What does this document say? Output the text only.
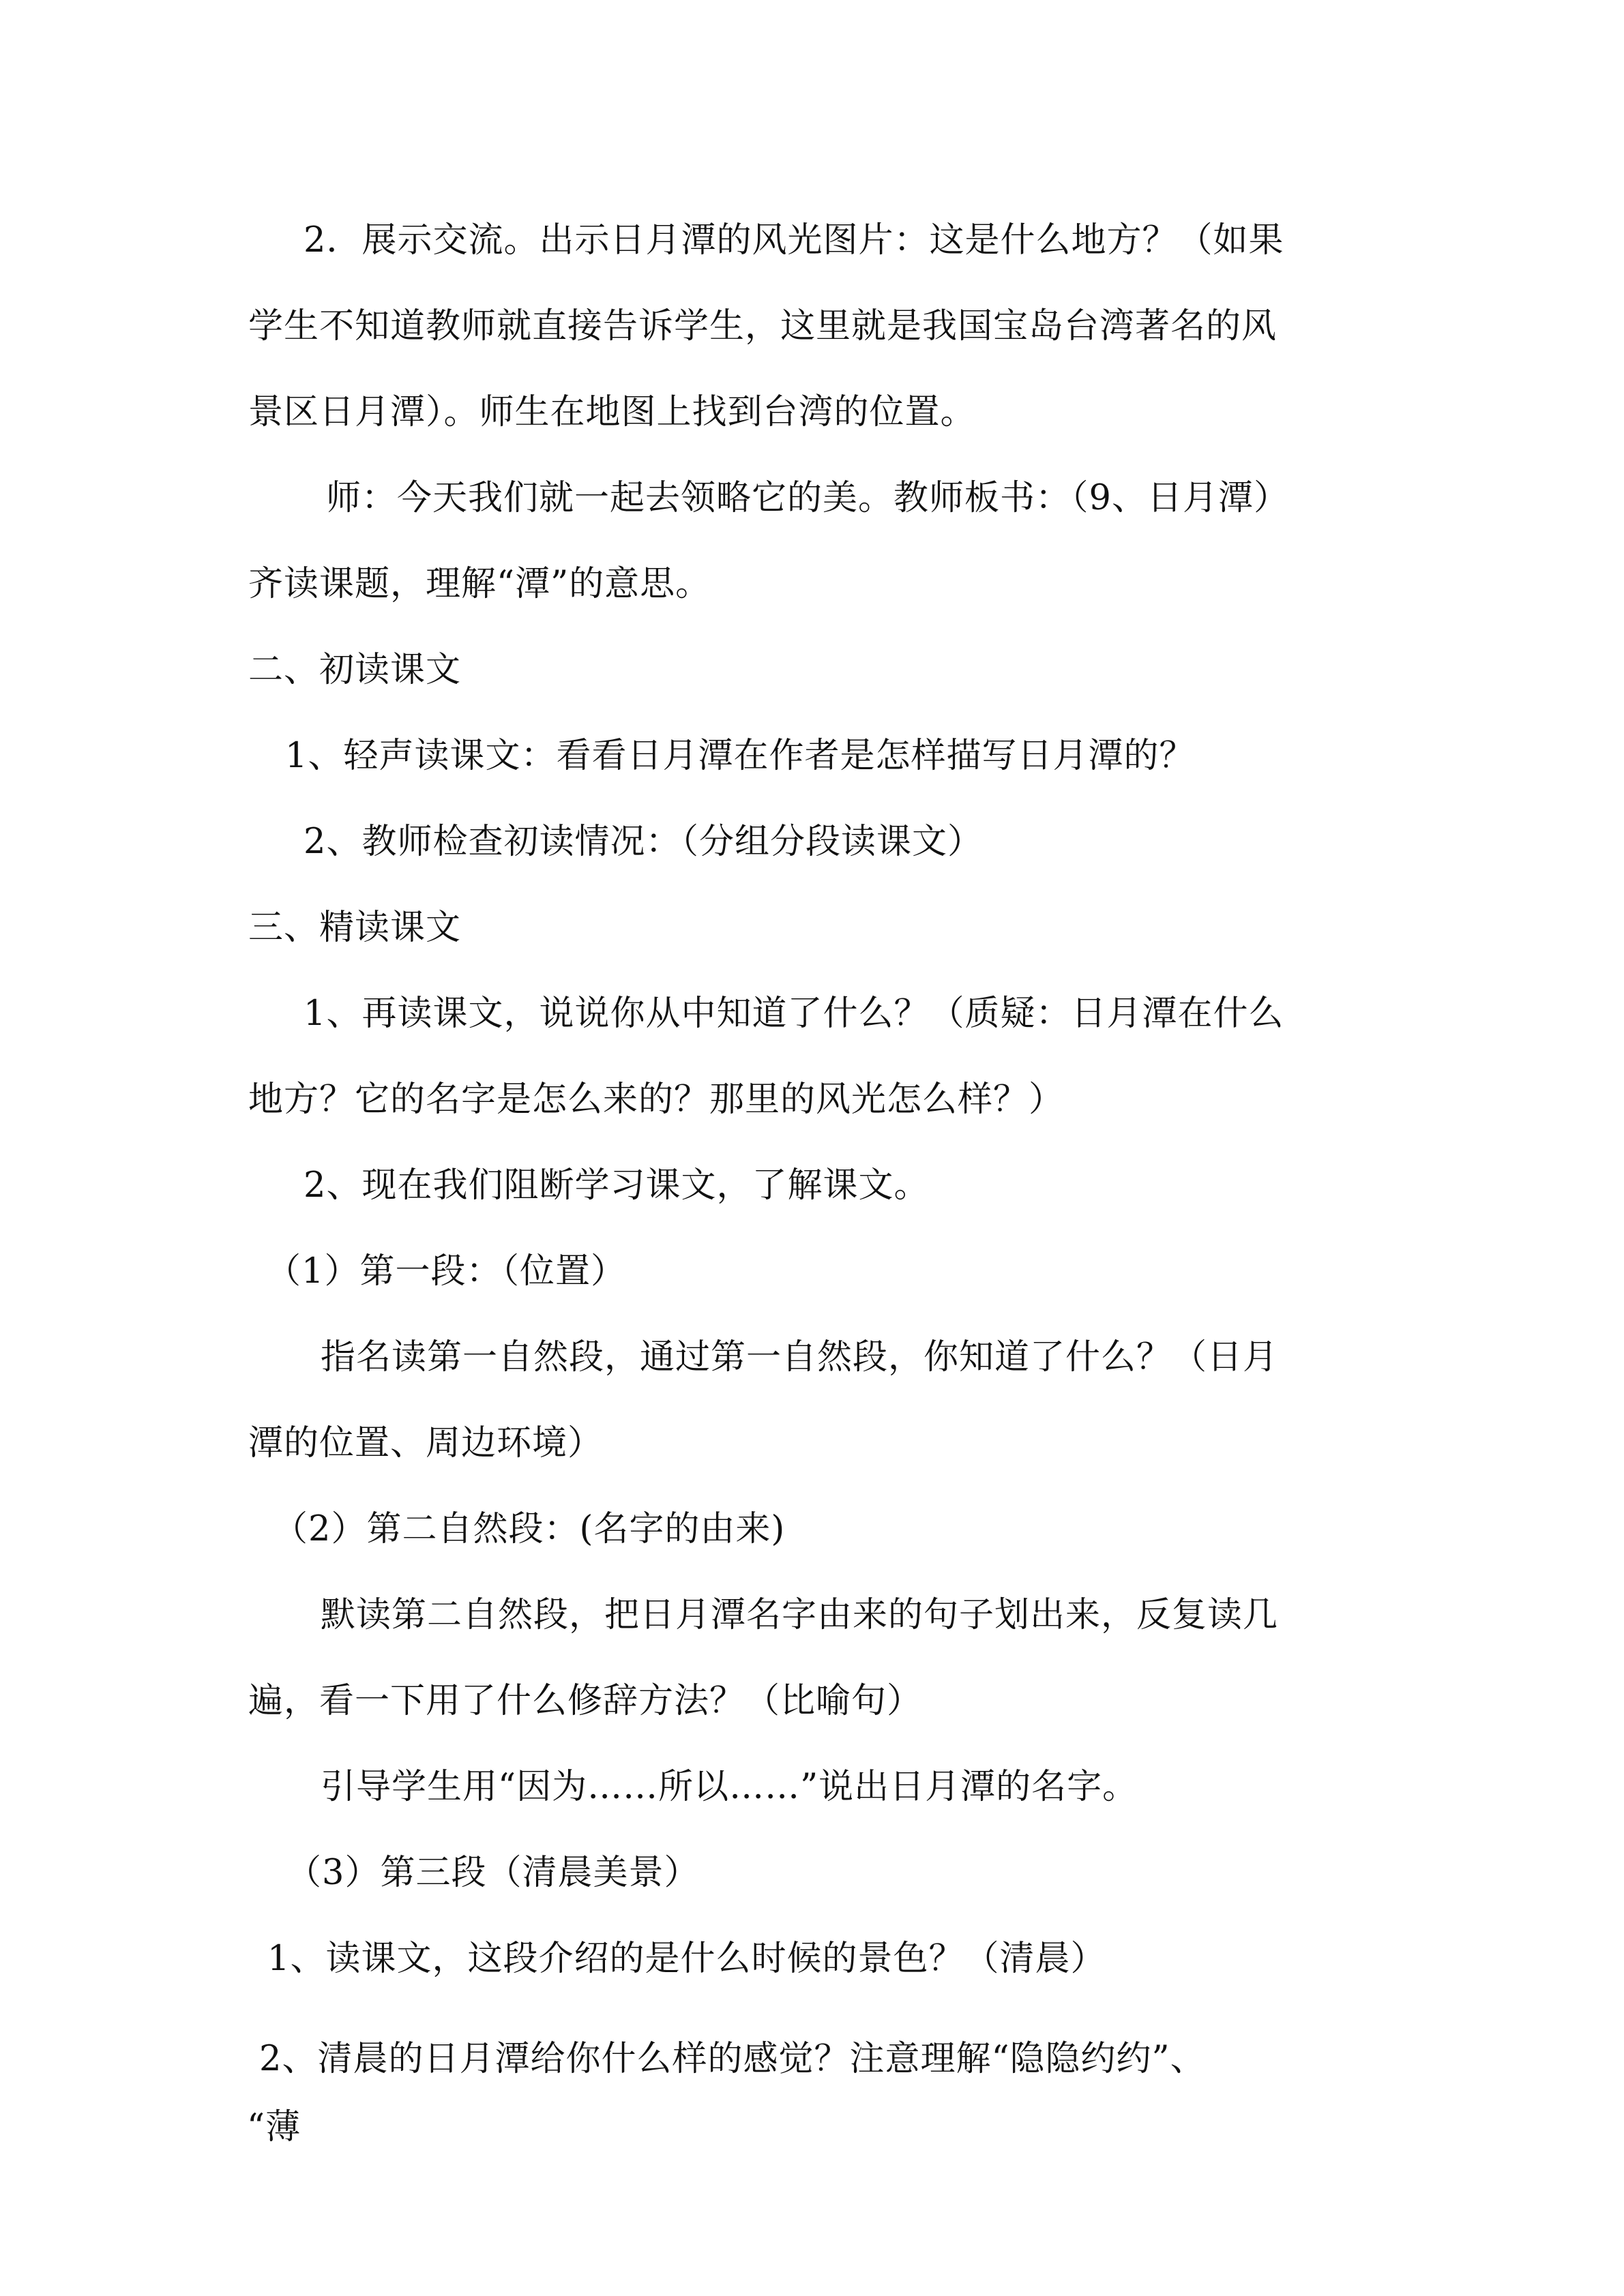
2．展示交流。出示日月潭的风光图片：这是什么地方？（如果
学生不知道教师就直接告诉学生，这里就是我国宝岛台湾著名的风
景区日月潭）。师生在地图上找到台湾的位置。
师：今天我们就一起去领略它的美。教师板书：（9、日月潭）
齐读课题，理解“潭”的意思。
二、初读课文
1、轻声读课文：看看日月潭在作者是怎样描写日月潭的？
2、教师检查初读情况：（分组分段读课文）
三、精读课文
1、再读课文，说说你从中知道了什么？（质疑：日月潭在什么
地方？它的名字是怎么来的？那里的风光怎么样？）
2、现在我们阻断学习课文，了解课文。
（1）第一段：（位置）
指名读第一自然段，通过第一自然段，你知道了什么？（日月
潭的位置、周边环境）
（2）第二自然段：(名字的由来)
默读第二自然段，把日月潭名字由来的句子划出来，反复读几
遍，看一下用了什么修辞方法？（比喻句）
引导学生用“因为……所以……”说出日月潭的名字。
（3）第三段（清晨美景）
1、读课文，这段介绍的是什么时候的景色？（清晨）
2、清晨的日月潭给你什么样的感觉？注意理解“隐隐约约”、
“薄
